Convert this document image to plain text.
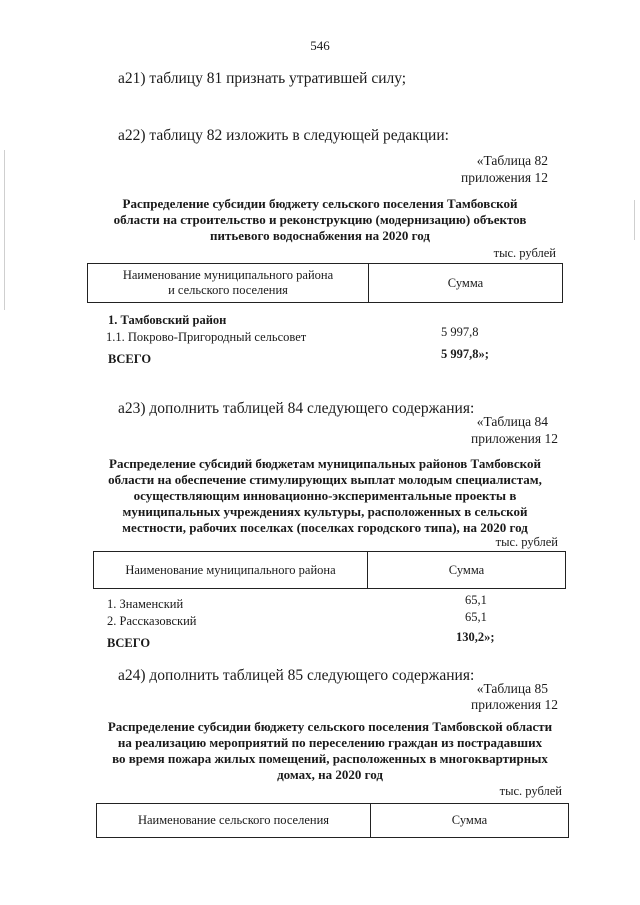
546
а21) таблицу 81 признать утратившей силу;
а22) таблицу 82 изложить в следующей редакции:
«Таблица 82
приложения 12
Распределение субсидии бюджету сельского поселения Тамбовской
области на строительство и реконструкцию (модернизацию) объектов
питьевого водоснабжения на 2020 год
тыс. рублей
Наименование муниципального района
и сельского поселения
	Сумма
1. Тамбовский район
1.1. Покрово-Пригородный сельсовет	5 997,8
ВСЕГО	5 997,8»;
а23) дополнить таблицей 84 следующего содержания:
«Таблица 84
приложения 12
Распределение субсидий бюджетам муниципальных районов Тамбовской
области на обеспечение стимулирующих выплат молодым специалистам,
осуществляющим инновационно-экспериментальные проекты в
муниципальных учреждениях культуры, расположенных в сельской
местности, рабочих поселках (поселках городского типа), на 2020 год
тыс. рублей
Наименование муниципального района	Сумма
1. Знаменский	65,1
2. Рассказовский	65,1
ВСЕГО	130,2»;
а24) дополнить таблицей 85 следующего содержания:
«Таблица 85
приложения 12
Распределение субсидии бюджету сельского поселения Тамбовской области
на реализацию мероприятий по переселению граждан из пострадавших
во время пожара жилых помещений, расположенных в многоквартирных
домах, на 2020 год
тыс. рублей
Наименование сельского поселения	Сумма
